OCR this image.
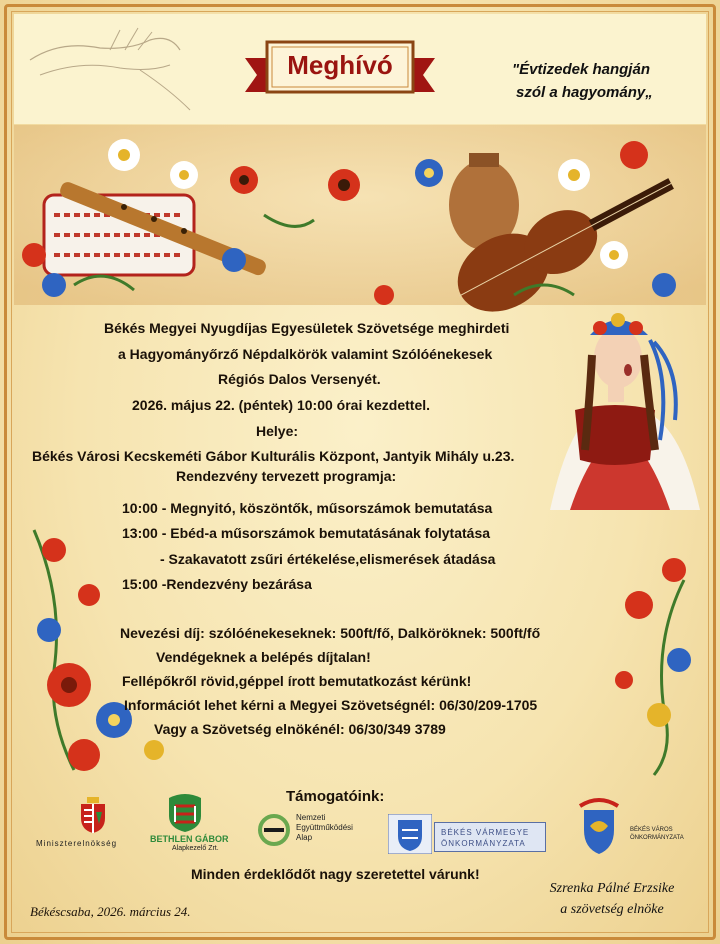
Meghívó	"Évtizedek hangján
szól a hagyomány„
Békés Megyei Nyugdíjas Egyesületek Szövetsége meghirdeti
a Hagyományőrző Népdalkörök valamint Szólóénekesek
Régiós Dalos Versenyét.
2026. május 22. (péntek) 10:00 órai kezdettel.
Helye:
Békés Városi Kecskeméti Gábor Kulturális Központ, Jantyik Mihály u.23.
Rendezvény tervezett programja:
10:00 - Megnyitó, köszöntők, műsorszámok bemutatása
13:00 - Ebéd-a műsorszámok bemutatásának folytatása
- Szakavatott zsűri értékelése,elismerések átadása
15:00 -Rendezvény bezárása
Nevezési díj: szólóénekeseknek: 500ft/fő, Dalköröknek: 500ft/fő
Vendégeknek a belépés díjtalan!
Fellépőkről rövid,géppel írott bemutatkozást kérünk!
Információt lehet kérni a Megyei Szövetségnél: 06/30/209-1705
Vagy a Szövetség elnökénél: 06/30/349 3789
Támogatóink:
Miniszterelnökség	BETHLEN GÁBOR
Alapkezelő Zrt.
Nemzeti
Együttműködési
Alap
BÉKÉS VÁRMEGYE
ÖNKORMÁNYZATA
BÉKÉS VÁROS
ÖNKORMÁNYZATA
Minden érdeklődőt nagy szeretettel várunk!
Békéscsaba, 2026. március 24.
Szrenka Pálné Erzsike
a szövetség elnöke
